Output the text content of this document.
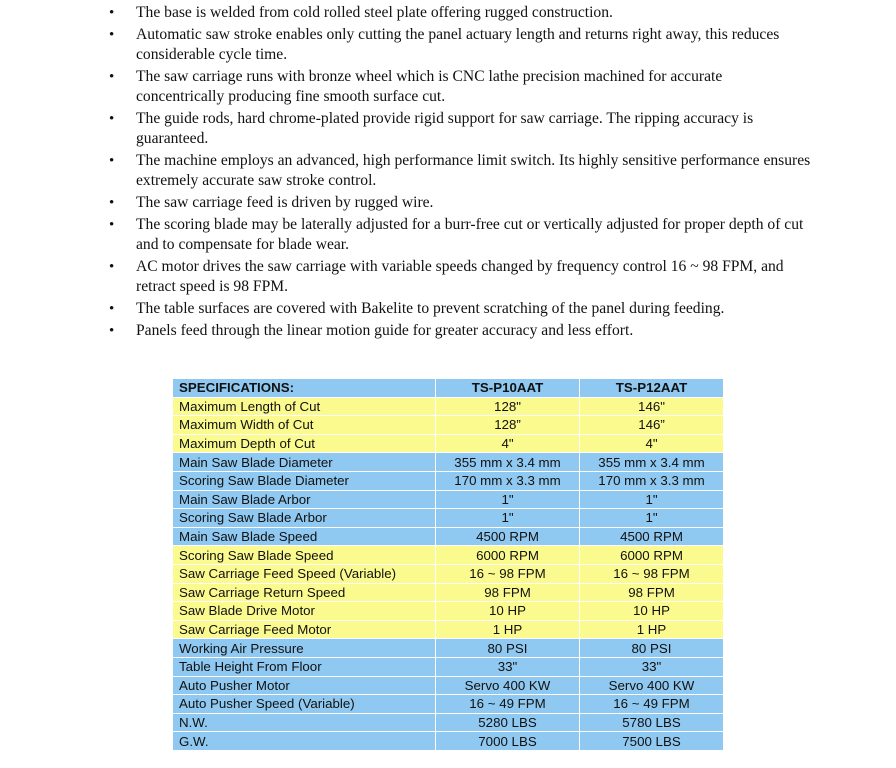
• The base is welded from cold rolled steel plate offering rugged construction.
• Automatic saw stroke enables only cutting the panel actuary length and returns right away, this reduces considerable cycle time.
• The saw carriage runs with bronze wheel which is CNC lathe precision machined for accurate concentrically producing fine smooth surface cut.
• The guide rods, hard chrome-plated provide rigid support for saw carriage. The ripping accuracy is guaranteed.
• The machine employs an advanced, high performance limit switch. Its highly sensitive performance ensures extremely accurate saw stroke control.
• The saw carriage feed is driven by rugged wire.
• The scoring blade may be laterally adjusted for a burr-free cut or vertically adjusted for proper depth of cut and to compensate for blade wear.
• AC motor drives the saw carriage with variable speeds changed by frequency control 16 ~ 98 FPM, and retract speed is 98 FPM.
• The table surfaces are covered with Bakelite to prevent scratching of the panel during feeding.
• Panels feed through the linear motion guide for greater accuracy and less effort.
SPECIFICATIONS:	TS-P10AAT	TS-P12AAT
Maximum Length of Cut	128"	146"
Maximum Width of Cut	128”	146”
Maximum Depth of Cut	4"	4"
Main Saw Blade Diameter	355 mm x 3.4 mm	355 mm x 3.4 mm
Scoring Saw Blade Diameter	170 mm x 3.3 mm	170 mm x 3.3 mm
Main Saw Blade Arbor	1"	1"
Scoring Saw Blade Arbor	1"	1"
Main Saw Blade Speed	4500 RPM	4500 RPM
Scoring Saw Blade Speed	6000 RPM	6000 RPM
Saw Carriage Feed Speed (Variable)	16 ~ 98 FPM	16 ~ 98 FPM
Saw Carriage Return Speed	98 FPM	98 FPM
Saw Blade Drive Motor	10 HP	10 HP
Saw Carriage Feed Motor	1 HP	1 HP
Working Air Pressure	80 PSI	80 PSI
Table Height From Floor	33"	33"
Auto Pusher Motor	Servo 400 KW	Servo 400 KW
Auto Pusher Speed (Variable)	16 ~ 49 FPM	16 ~ 49 FPM
N.W.	5280 LBS	5780 LBS
G.W.	7000 LBS	7500 LBS
